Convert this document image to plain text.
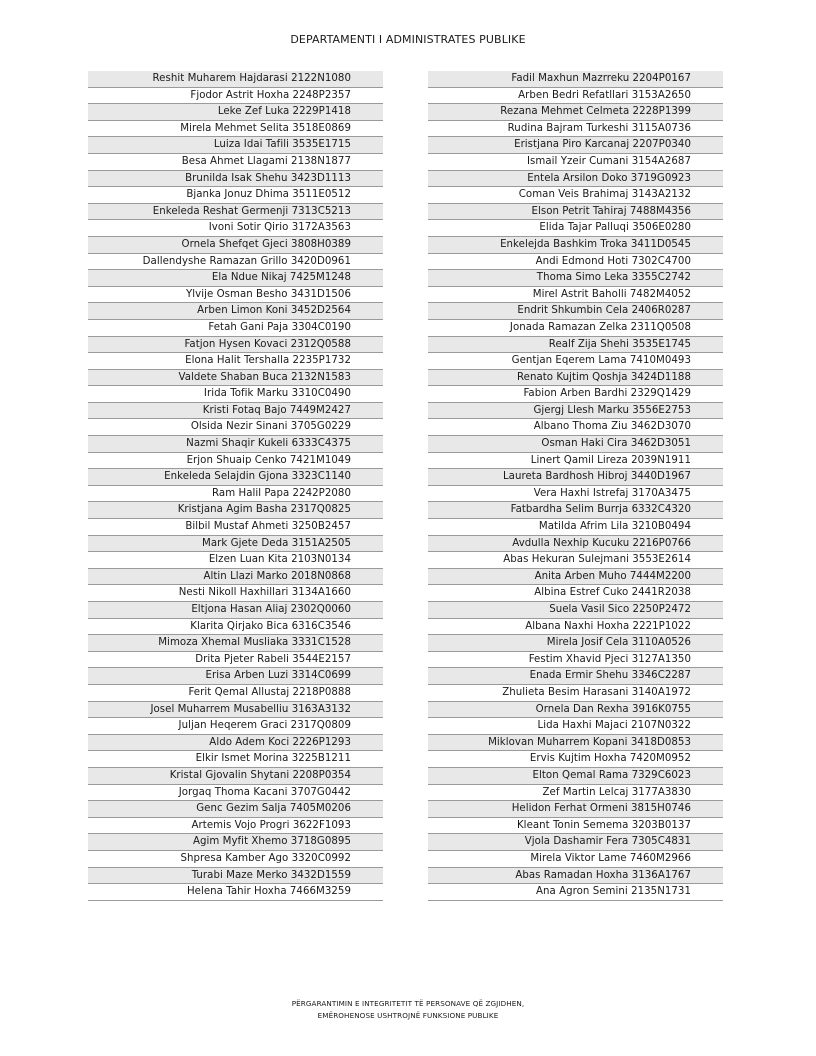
DEPARTAMENTI I ADMINISTRATES PUBLIKE
Reshit Muharem Hajdarasi 2122N1080
Fjodor Astrit Hoxha 2248P2357
Leke Zef Luka 2229P1418
Mirela Mehmet Selita 3518E0869
Luiza Idai Tafili 3535E1715
Besa Ahmet Llagami 2138N1877
Brunilda Isak Shehu 3423D1113
Bjanka Jonuz Dhima 3511E0512
Enkeleda Reshat Germenji 7313C5213
Ivoni Sotir Qirio 3172A3563
Ornela Shefqet Gjeci 3808H0389
Dallendyshe Ramazan Grillo 3420D0961
Ela Ndue Nikaj 7425M1248
Ylvije Osman Besho 3431D1506
Arben Limon Koni 3452D2564
Fetah Gani Paja 3304C0190
Fatjon Hysen Kovaci 2312Q0588
Elona Halit Tershalla 2235P1732
Valdete Shaban Buca 2132N1583
Irida Tofik Marku 3310C0490
Kristi Fotaq Bajo 7449M2427
Olsida Nezir Sinani 3705G0229
Nazmi Shaqir Kukeli 6333C4375
Erjon Shuaip Cenko 7421M1049
Enkeleda Selajdin Gjona 3323C1140
Ram Halil Papa 2242P2080
Kristjana Agim Basha 2317Q0825
Bilbil Mustaf Ahmeti 3250B2457
Mark Gjete Deda 3151A2505
Elzen Luan Kita 2103N0134
Altin Llazi Marko 2018N0868
Nesti Nikoll Haxhillari 3134A1660
Eltjona Hasan Aliaj 2302Q0060
Klarita Qirjako Bica 6316C3546
Mimoza Xhemal Musliaka 3331C1528
Drita Pjeter Rabeli 3544E2157
Erisa Arben Luzi 3314C0699
Ferit Qemal Allustaj 2218P0888
Josel Muharrem Musabelliu 3163A3132
Juljan Heqerem Graci 2317Q0809
Aldo Adem Koci 2226P1293
Elkir Ismet Morina 3225B1211
Kristal Gjovalin Shytani 2208P0354
Jorgaq Thoma Kacani 3707G0442
Genc Gezim Salja 7405M0206
Artemis Vojo Progri 3622F1093
Agim Myfit Xhemo 3718G0895
Shpresa Kamber Ago 3320C0992
Turabi Maze Merko 3432D1559
Helena Tahir Hoxha 7466M3259
Fadil Maxhun Mazrreku 2204P0167
Arben Bedri Refatllari 3153A2650
Rezana Mehmet Celmeta 2228P1399
Rudina Bajram Turkeshi 3115A0736
Eristjana Piro Karcanaj 2207P0340
Ismail Yzeir Cumani 3154A2687
Entela Arsilon Doko 3719G0923
Coman Veis Brahimaj 3143A2132
Elson Petrit Tahiraj 7488M4356
Elida Tajar Palluqi 3506E0280
Enkelejda Bashkim Troka 3411D0545
Andi Edmond Hoti 7302C4700
Thoma Simo Leka 3355C2742
Mirel Astrit Baholli 7482M4052
Endrit Shkumbin Cela 2406R0287
Jonada Ramazan Zelka 2311Q0508
Realf Zija Shehi 3535E1745
Gentjan Eqerem Lama 7410M0493
Renato Kujtim Qoshja 3424D1188
Fabion Arben Bardhi 2329Q1429
Gjergj Llesh Marku 3556E2753
Albano Thoma Ziu 3462D3070
Osman Haki Cira 3462D3051
Linert Qamil Lireza 2039N1911
Laureta Bardhosh Hibroj 3440D1967
Vera Haxhi Istrefaj 3170A3475
Fatbardha Selim Burrja 6332C4320
Matilda Afrim Lila 3210B0494
Avdulla Nexhip Kucuku 2216P0766
Abas Hekuran Sulejmani 3553E2614
Anita Arben Muho 7444M2200
Albina Estref Cuko 2441R2038
Suela Vasil Sico 2250P2472
Albana Naxhi Hoxha 2221P1022
Mirela Josif Cela 3110A0526
Festim Xhavid Pjeci 3127A1350
Enada Ermir Shehu 3346C2287
Zhulieta Besim Harasani 3140A1972
Ornela Dan Rexha 3916K0755
Lida Haxhi Majaci 2107N0322
Miklovan Muharrem Kopani 3418D0853
Ervis Kujtim Hoxha 7420M0952
Elton Qemal Rama 7329C6023
Zef Martin Lelcaj 3177A3830
Helidon Ferhat Ormeni 3815H0746
Kleant Tonin Semema 3203B0137
Vjola Dashamir Fera 7305C4831
Mirela Viktor Lame 7460M2966
Abas Ramadan Hoxha 3136A1767
Ana Agron Semini 2135N1731
PËRGARANTIMIN E INTEGRITETIT TË PERSONAVE QË ZGJIDHEN,
EMËROHENOSE USHTROJNË FUNKSIONE PUBLIKE
